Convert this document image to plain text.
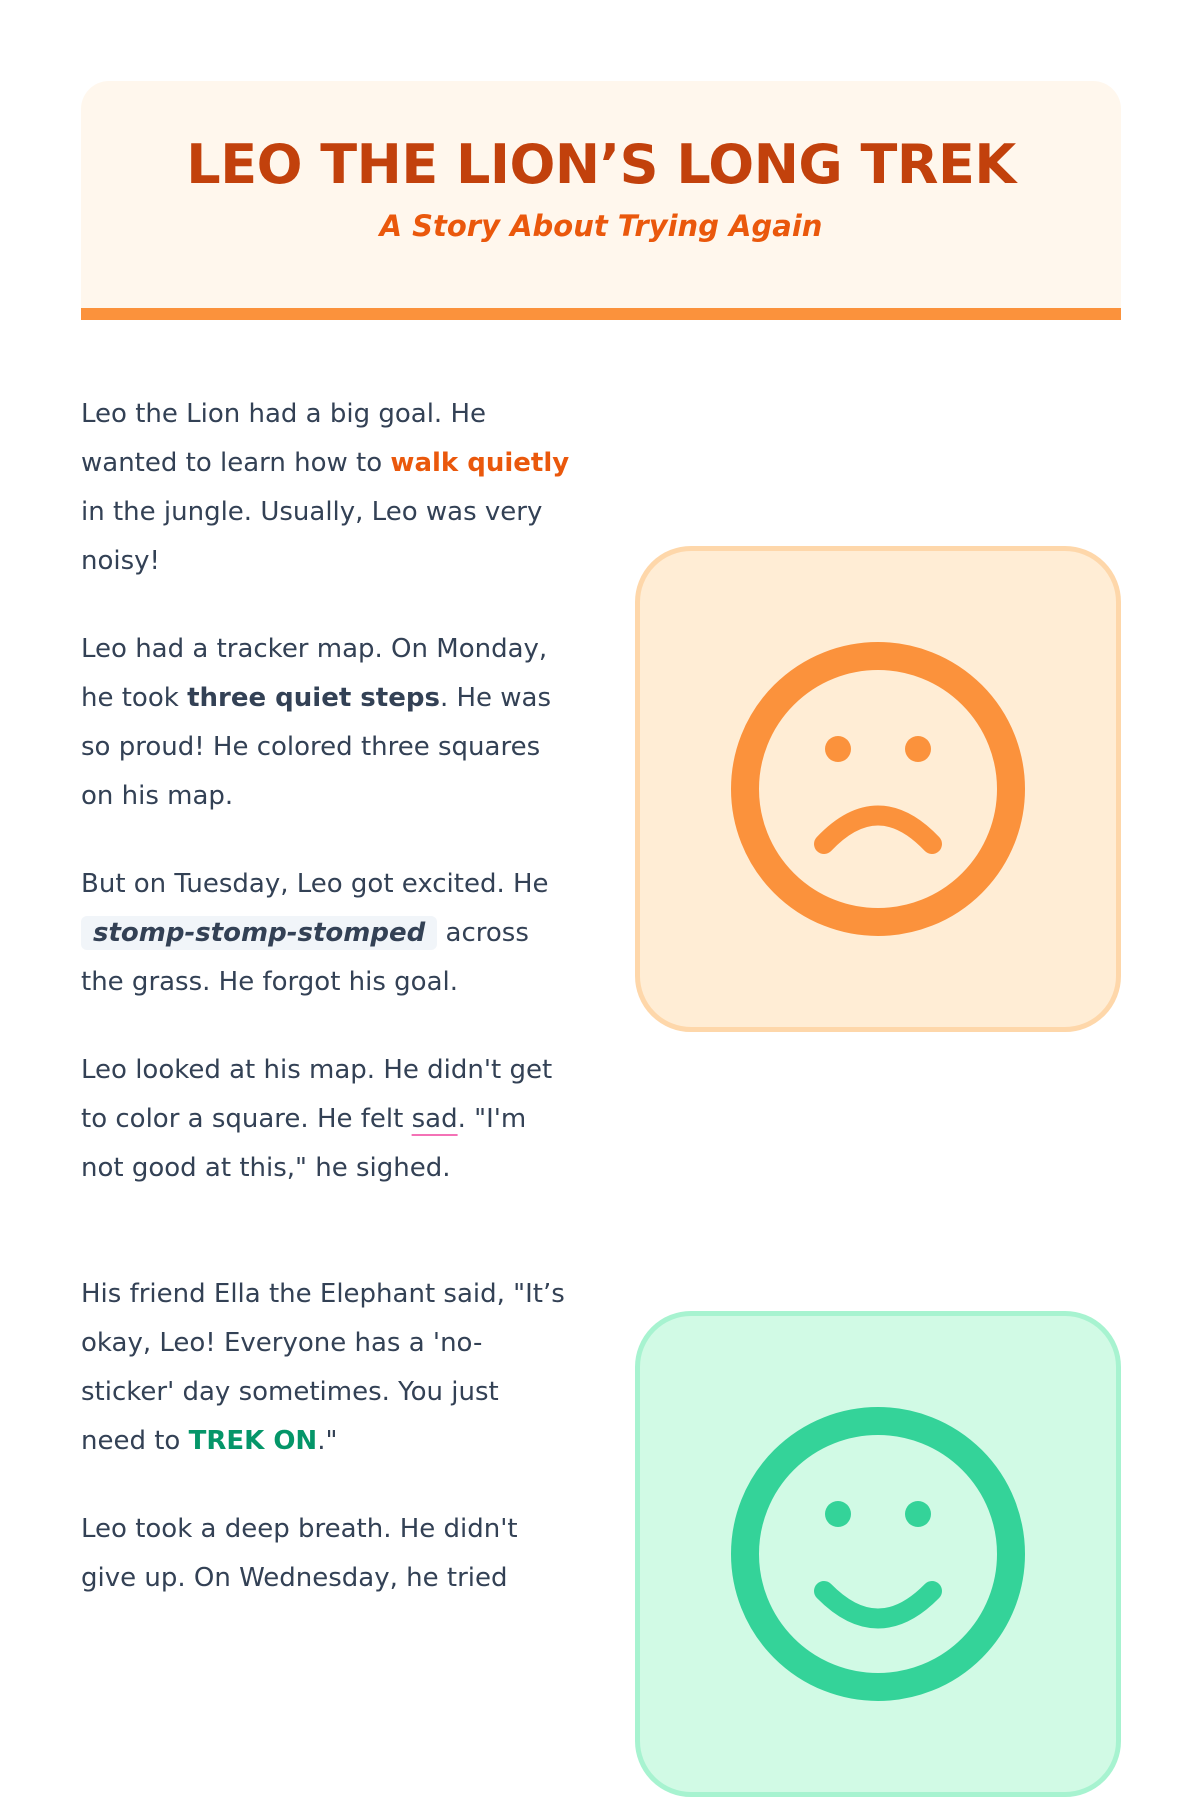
LEO THE LION’S LONG TREK
A Story About Trying Again

Leo the Lion had a big goal. He wanted to learn how to walk quietly in the jungle. Usually, Leo was very noisy!

Leo had a tracker map. On Monday, he took three quiet steps. He was so proud! He colored three squares on his map.

But on Tuesday, Leo got excited. He stomp-stomp-stomped across the grass. He forgot his goal.

Leo looked at his map. He didn't get to color a square. He felt sad. "I'm not good at this," he sighed.

His friend Ella the Elephant said, "It’s okay, Leo! Everyone has a 'no-sticker' day sometimes. You just need to TREK ON."

Leo took a deep breath. He didn't give up. On Wednesday, he tried
